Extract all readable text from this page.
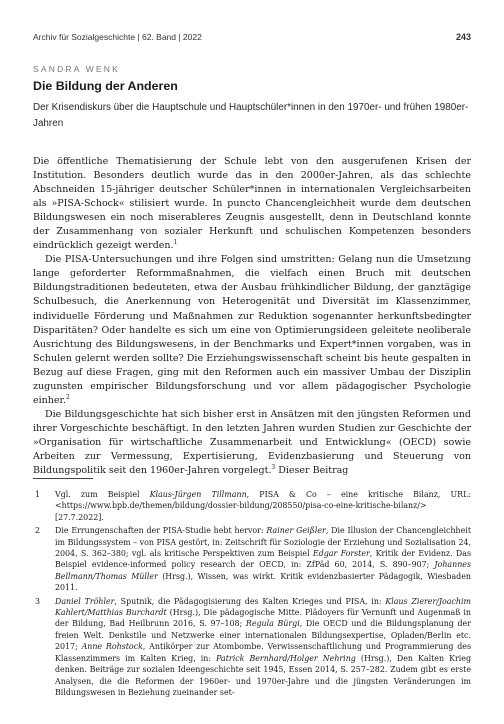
Archiv für Sozialgeschichte | 62. Band | 2022	243
SANDRA WENK
Die Bildung der Anderen
Der Krisendiskurs über die Hauptschule und Hauptschüler*innen in den 1970er- und frühen 1980er-Jahren

Die öffentliche Thematisierung der Schule lebt von den ausgerufenen Krisen der Institution. Besonders deutlich wurde das in den 2000er-Jahren, als das schlechte Abschneiden 15-jähriger deutscher Schüler*innen in internationalen Vergleichsarbeiten als »PISA-Schock« stilisiert wurde. In puncto Chancengleichheit wurde dem deutschen Bildungswesen ein noch miserableres Zeugnis ausgestellt, denn in Deutschland konnte der Zusammenhang von sozialer Herkunft und schulischen Kompetenzen besonders eindrücklich gezeigt werden.$^1$

Die PISA-Untersuchungen und ihre Folgen sind umstritten: Gelang nun die Umsetzung lange geforderter Reformmaßnahmen, die vielfach einen Bruch mit deutschen Bildungstraditionen bedeuteten, etwa der Ausbau frühkindlicher Bildung, der ganztägige Schulbesuch, die Anerkennung von Heterogenität und Diversität im Klassenzimmer, individuelle Förderung und Maßnahmen zur Reduktion sogenannter herkunftsbedingter Disparitäten? Oder handelte es sich um eine von Optimierungsideen geleitete neoliberale Ausrichtung des Bildungswesens, in der Benchmarks und Expert*innen vorgaben, was in Schulen gelernt werden sollte? Die Erziehungswissenschaft scheint bis heute gespalten in Bezug auf diese Fragen, ging mit den Reformen auch ein massiver Umbau der Disziplin zugunsten empirischer Bildungsforschung und vor allem pädagogischer Psychologie einher.$^2$

Die Bildungsgeschichte hat sich bisher erst in Ansätzen mit den jüngsten Reformen und ihrer Vorgeschichte beschäftigt. In den letzten Jahren wurden Studien zur Geschichte der »Organisation für wirtschaftliche Zusammenarbeit und Entwicklung« (OECD) sowie Arbeiten zur Vermessung, Expertisierung, Evidenzbasierung und Steuerung von Bildungspolitik seit den 1960er-Jahren vorgelegt.$^3$ Dieser Beitrag

1	Vgl. zum Beispiel Klaus-Jürgen Tillmann, PISA & Co – eine kritische Bilanz, URL: <https://www.bpb.de/themen/bildung/dossier-bildung/208550/pisa-co-eine-kritische-bilanz/> [27.7.2022].
2	Die Errungenschaften der PISA-Studie hebt hervor: Rainer Geißler, Die Illusion der Chancengleichheit im Bildungssystem – von PISA gestört, in: Zeitschrift für Soziologie der Erziehung und Sozialisation 24, 2004, S. 362–380; vgl. als kritische Perspektiven zum Beispiel Edgar Forster, Kritik der Evidenz. Das Beispiel evidence-informed policy research der OECD, in: ZfPäd 60, 2014, S. 890–907; Johannes Bellmann/Thomas Müller (Hrsg.), Wissen, was wirkt. Kritik evidenzbasierter Pädagogik, Wiesbaden 2011.
3	Daniel Tröhler, Sputnik, die Pädagogisierung des Kalten Krieges und PISA, in: Klaus Zierer/Joachim Kahlert/Matthias Burchardt (Hrsg.), Die pädagogische Mitte. Plädoyers für Vernunft und Augenmaß in der Bildung, Bad Heilbrunn 2016, S. 97–108; Regula Bürgi, Die OECD und die Bildungsplanung der freien Welt. Denkstile und Netzwerke einer internationalen Bildungsexpertise, Opladen/Berlin etc. 2017; Anne Rohstock, Antikörper zur Atombombe. Verwissenschaftlichung und Programmierung des Klassenzimmers im Kalten Krieg, in: Patrick Bernhard/Holger Nehring (Hrsg.), Den Kalten Krieg denken. Beiträge zur sozialen Ideengeschichte seit 1945, Essen 2014, S. 257–282. Zudem gibt es erste Analysen, die die Reformen der 1960er- und 1970er-Jahre und die jüngsten Veränderungen im Bildungswesen in Beziehung zueinander set-
